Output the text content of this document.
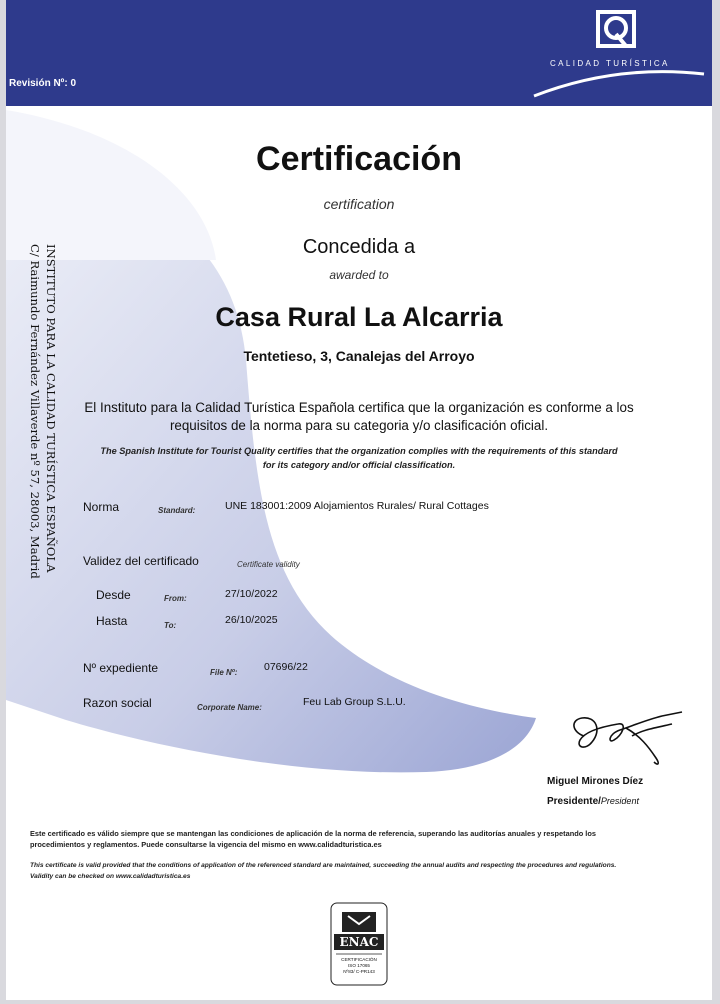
Revisión Nº: 0
CALIDAD TURÍSTICA
INSTITUTO PARA LA CALIDAD TURÍSTICA ESPAÑOLA
C/ Raimundo Fernández Villaverde nº 57, 28003, Madrid
Certificación
certification
Concedida a
awarded to
Casa Rural La Alcarria
Tentetieso, 3, Canalejas del Arroyo
El Instituto para la Calidad Turística Española certifica que la organización es conforme a los
requisitos de la norma para su categoria y/o clasificación oficial.
The Spanish Institute for Tourist Quality certifies that the organization complies with the requirements of this standard
for its category and/or official classification.
Norma	Standard:	UNE 183001:2009 Alojamientos Rurales/ Rural Cottages
Validez del certificado	Certificate validity
Desde	From:	27/10/2022
Hasta	To:	26/10/2025
Nº expediente	File Nº:	07696/22
Razon social	Corporate Name:	Feu Lab Group S.L.U.
Miguel Mirones Díez
Presidente/President
Este certificado es válido siempre que se mantengan las condiciones de aplicación de la norma de referencia, superando las auditorías anuales y respetando los
procedimientos y reglamentos. Puede consultarse la vigencia del mismo en www.calidadturistica.es
This certificate is valid provided that the conditions of application of the referenced standard are maintained, succeeding the annual audits and respecting the procedures and regulations.
Validity can be checked on www.calidadturistica.es
ENAC
CERTIFICACIÓN
ISO 17065
Nº83/ C-PR143
